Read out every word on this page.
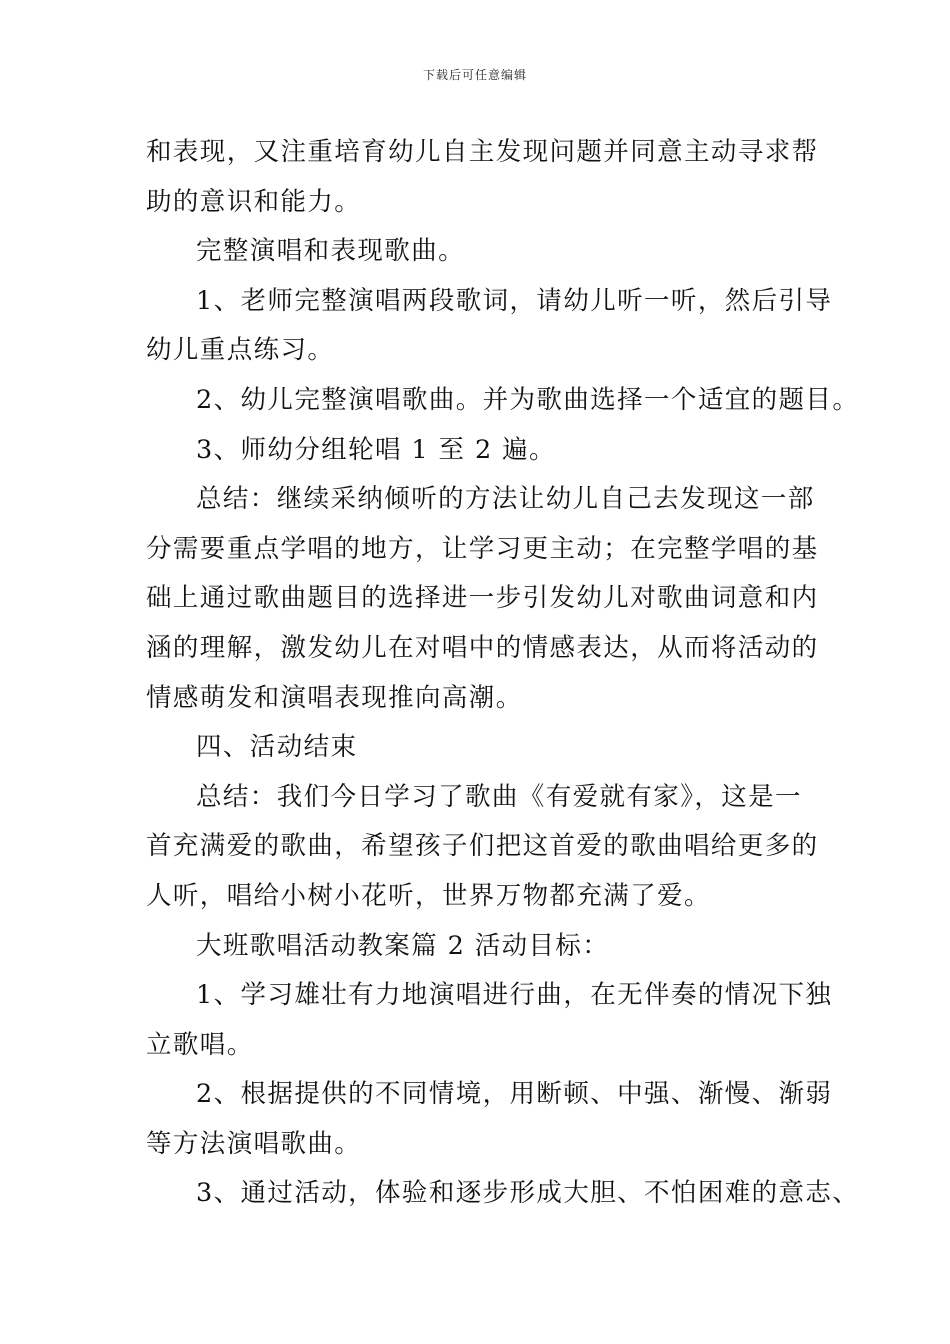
下载后可任意编辑
和表现，又注重培育幼儿自主发现问题并同意主动寻求帮
助的意识和能力。
完整演唱和表现歌曲。
1、老师完整演唱两段歌词，请幼儿听一听，然后引导
幼儿重点练习。
2、幼儿完整演唱歌曲。并为歌曲选择一个适宜的题目。
3、师幼分组轮唱 1 至 2 遍。
总结：继续采纳倾听的方法让幼儿自己去发现这一部
分需要重点学唱的地方，让学习更主动；在完整学唱的基
础上通过歌曲题目的选择进一步引发幼儿对歌曲词意和内
涵的理解，激发幼儿在对唱中的情感表达，从而将活动的
情感萌发和演唱表现推向高潮。
四、活动结束
总结：我们今日学习了歌曲《有爱就有家》，这是一
首充满爱的歌曲，希望孩子们把这首爱的歌曲唱给更多的
人听，唱给小树小花听，世界万物都充满了爱。
大班歌唱活动教案篇 2 活动目标：
1、学习雄壮有力地演唱进行曲，在无伴奏的情况下独
立歌唱。
2、根据提供的不同情境，用断顿、中强、渐慢、渐弱
等方法演唱歌曲。
3、通过活动，体验和逐步形成大胆、不怕困难的意志、
